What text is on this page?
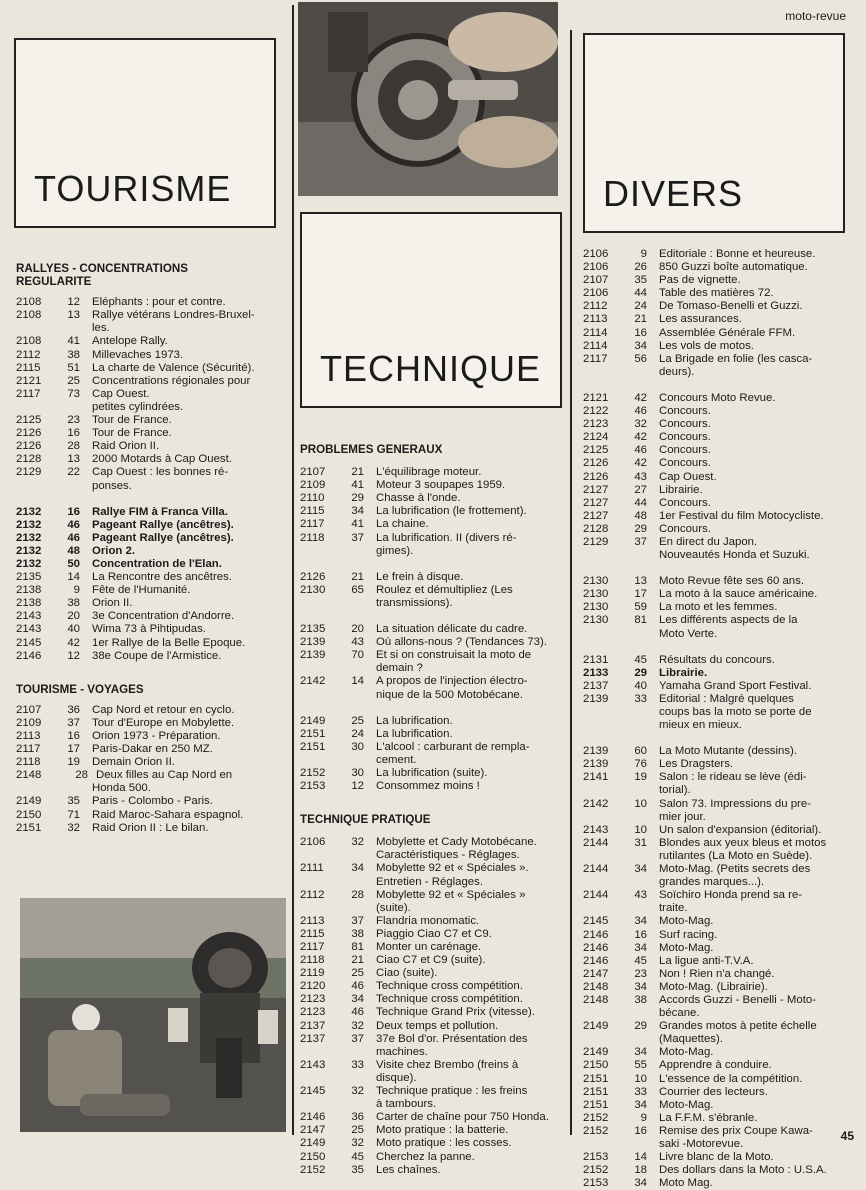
moto-revue
TOURISME	DIVERS
TECHNIQUE
RALLYES - CONCENTRATIONS
REGULARITE
2108	12 Eléphants : pour et contre.
2108	13 Rallye vétérans Londres-Bruxel-
les.
2108	41 Antelope Rally.
2112	38 Millevaches 1973.
2115	51 La charte de Valence (Sécurité).
2121	25 Concentrations régionales pour
2117	73 Cap Ouest.
petites cylindrées.
2125	23 Tour de France.
2126	16 Tour de France.
2126	28 Raid Orion II.
2128	13 2000 Motards à Cap Ouest.
2129	22 Cap Ouest : les bonnes ré-
ponses.
2132	16 Rallye FIM à Franca Villa.
2132	46 Pageant Rallye (ancêtres).
2132	46 Pageant Rallye (ancêtres).
2132	48 Orion 2.
2132	50 Concentration de l'Elan.
2135	14 La Rencontre des ancêtres.
2138	9 Fête de l'Humanité.
2138	38 Orion II.
2143	20 3e Concentration d'Andorre.
2143	40 Wima 73 à Pihtipudas.
2145	42 1er Rallye de la Belle Epoque.
2146	12 38e Coupe de l'Armistice.
TOURISME - VOYAGES
2107	36 Cap Nord et retour en cyclo.
2109	37 Tour d'Europe en Mobylette.
2113	16 Orion 1973 - Préparation.
2117	17 Paris-Dakar en 250 MZ.
2118	19 Demain Orion II.
2148	28 Deux filles au Cap Nord en
Honda 500.
2149	35 Paris - Colombo - Paris.
2150	71 Raid Maroc-Sahara espagnol.
2151	32 Raid Orion II : Le bilan.
PROBLEMES GENERAUX
2107	21 L'équilibrage moteur.
2109	41 Moteur 3 soupapes 1959.
2110	29 Chasse à l'onde.
2115	34 La lubrification (le frottement).
2117	41 La chaine.
2118	37 La lubrification. II (divers ré-
gimes).
2126	21 Le frein à disque.
2130	65 Roulez et démultipliez (Les
transmissions).
2135	20 La situation délicate du cadre.
2139	43 Où allons-nous ? (Tendances 73).
2139	70 Et si on construisait la moto de
demain ?
2142	14 A propos de l'injection électro-
nique de la 500 Motobécane.
2149	25 La lubrification.
2151	24 La lubrification.
2151	30 L'alcool : carburant de rempla-
cement.
2152	30 La lubrification (suite).
2153	12 Consommez moins !
TECHNIQUE PRATIQUE
2106	32 Mobylette et Cady Motobécane.
Caractéristiques - Réglages.
2111	34 Mobylette 92 et « Spéciales ».
Entretien - Réglages.
2112	28 Mobylette 92 et « Spéciales »
(suite).
2113	37 Flandria monomatic.
2115	38 Piaggio Ciao C7 et C9.
2117	81 Monter un carénage.
2118	21 Ciao C7 et C9 (suite).
2119	25 Ciao (suite).
2120	46 Technique cross compétition.
2123	34 Technique cross compétition.
2123	46 Technique Grand Prix (vitesse).
2137	32 Deux temps et pollution.
2137	37 37e Bol d'or. Présentation des
machines.
2143	33 Visite chez Brembo (freins à
disque).
2145	32 Technique pratique : les freins
à tambours.
2146	36 Carter de chaîne pour 750 Honda.
2147	25 Moto pratique : la batterie.
2149	32 Moto pratique : les cosses.
2150	45 Cherchez la panne.
2152	35 Les chaînes.
2106	9 Editoriale : Bonne et heureuse.
2106	26 850 Guzzi boîte automatique.
2107	35 Pas de vignette.
2106	44 Table des matières 72.
2112	24 De Tomaso-Benelli et Guzzi.
2113	21 Les assurances.
2114	16 Assemblée Générale FFM.
2114	34 Les vols de motos.
2117	56 La Brigade en folie (les casca-
deurs).
2121	42 Concours Moto Revue.
2122	46 Concours.
2123	32 Concours.
2124	42 Concours.
2125	46 Concours.
2126	42 Concours.
2126	43 Cap Ouest.
2127	27 Librairie.
2127	44 Concours.
2127	48 1er Festival du film Motocycliste.
2128	29 Concours.
2129	37 En direct du Japon.
Nouveautés Honda et Suzuki.
2130	13 Moto Revue fête ses 60 ans.
2130	17 La moto à la sauce américaine.
2130	59 La moto et les femmes.
2130	81 Les différents aspects de la
Moto Verte.
2131	45 Résultats du concours.
2133	29 Librairie.
2137	40 Yamaha Grand Sport Festival.
2139	33 Editorial : Malgré quelques
coups bas la moto se porte de
mieux en mieux.
2139	60 La Moto Mutante (dessins).
2139	76 Les Dragsters.
2141	19 Salon : le rideau se lève (édi-
torial).
2142	10 Salon 73. Impressions du pre-
mier jour.
2143	10 Un salon d'expansion (éditorial).
2144	31 Blondes aux yeux bleus et motos
rutilantes (La Moto en Suède).
2144	34 Moto-Mag. (Petits secrets des
grandes marques...).
2144	43 Soïchiro Honda prend sa re-
traite.
2145	34 Moto-Mag.
2146	16 Surf racing.
2146	34 Moto-Mag.
2146	45 La ligue anti-T.V.A.
2147	23 Non ! Rien n'a changé.
2148	34 Moto-Mag. (Librairie).
2148	38 Accords Guzzi - Benelli - Moto-
bécane.
2149	29 Grandes motos à petite échelle
(Maquettes).
2149	34 Moto-Mag.
2150	55 Apprendre à conduire.
2151	10 L'essence de la compétition.
2151	33 Courrier des lecteurs.
2151	34 Moto-Mag.
2152	9 La F.F.M. s'ébranle.
2152	16 Remise des prix Coupe Kawa-
saki -Motorevue.
2153	14 Livre blanc de la Moto.
2152	18 Des dollars dans la Moto : U.S.A.
2153	34 Moto Mag.
45
